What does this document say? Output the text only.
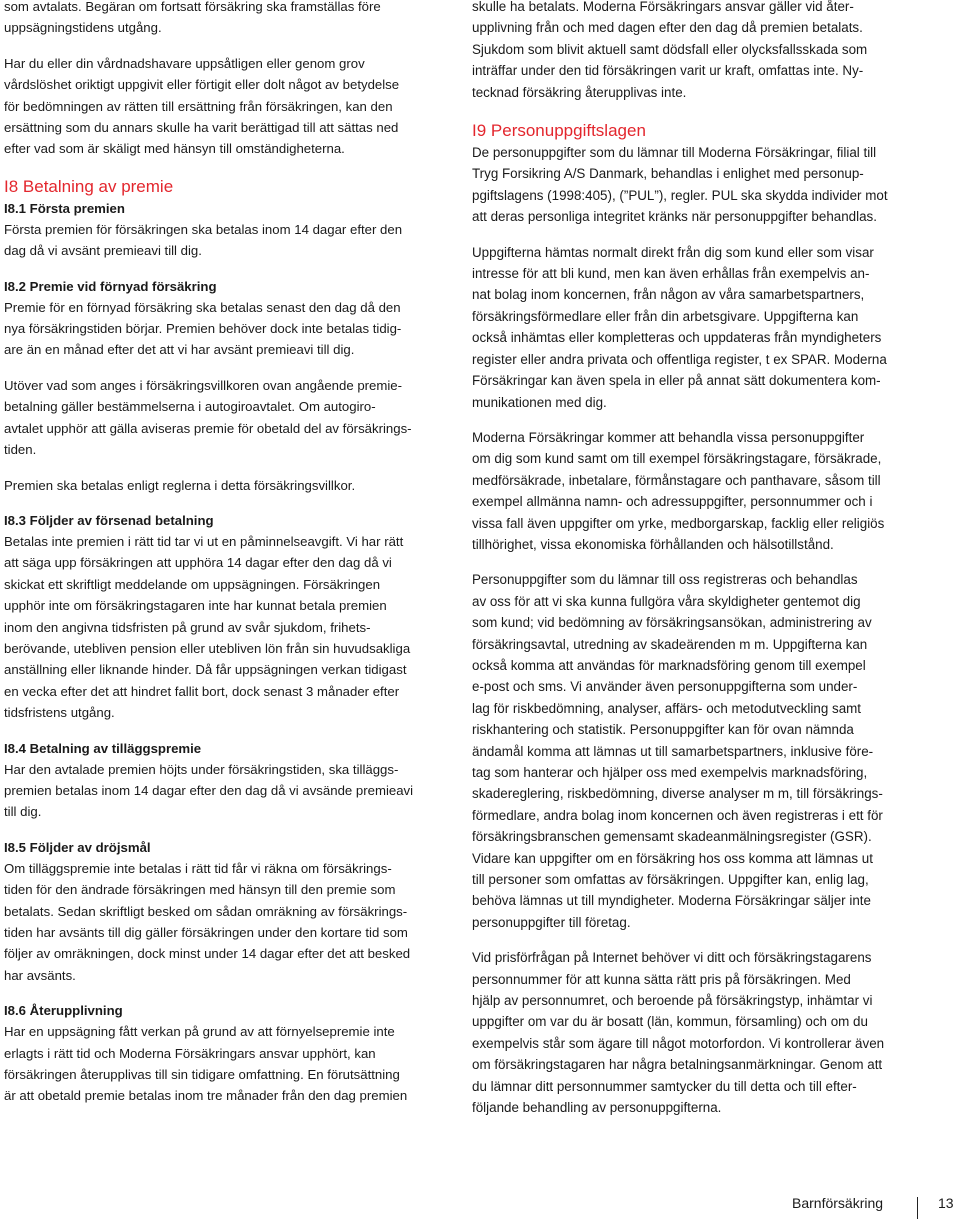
som avtalats. Begäran om fortsatt försäkring ska framställas före
uppsägningstidens utgång.

Har du eller din vårdnadshavare uppsåtligen eller genom grov
vårdslöshet oriktigt uppgivit eller förtigit eller dolt något av betydelse
för bedömningen av rätten till ersättning från försäkringen, kan den
ersättning som du annars skulle ha varit berättigad till att sättas ned
efter vad som är skäligt med hänsyn till omständigheterna.

I8 Betalning av premie

I8.1 Första premien

Första premien för försäkringen ska betalas inom 14 dagar efter den
dag då vi avsänt premieavi till dig.

I8.2 Premie vid förnyad försäkring

Premie för en förnyad försäkring ska betalas senast den dag då den
nya försäkringstiden börjar. Premien behöver dock inte betalas tidig-
are än en månad efter det att vi har avsänt premieavi till dig.

Utöver vad som anges i försäkringsvillkoren ovan angående premie-
betalning gäller bestämmelserna i autogiroavtalet. Om autogiro-
avtalet upphör att gälla aviseras premie för obetald del av försäkrings-
tiden.

Premien ska betalas enligt reglerna i detta försäkringsvillkor.

I8.3 Följder av försenad betalning

Betalas inte premien i rätt tid tar vi ut en påminnelseavgift. Vi har rätt
att säga upp försäkringen att upphöra 14 dagar efter den dag då vi
skickat ett skriftligt meddelande om uppsägningen. Försäkringen
upphör inte om försäkringstagaren inte har kunnat betala premien
inom den angivna tidsfristen på grund av svår sjukdom, frihets-
berövande, utebliven pension eller utebliven lön från sin huvudsakliga
anställning eller liknande hinder. Då får uppsägningen verkan tidigast
en vecka efter det att hindret fallit bort, dock senast 3 månader efter
tidsfristens utgång.

I8.4 Betalning av tilläggspremie

Har den avtalade premien höjts under försäkringstiden, ska tilläggs-
premien betalas inom 14 dagar efter den dag då vi avsände premieavi
till dig.

I8.5 Följder av dröjsmål

Om tilläggspremie inte betalas i rätt tid får vi räkna om försäkrings-
tiden för den ändrade försäkringen med hänsyn till den premie som
betalats. Sedan skriftligt besked om sådan omräkning av försäkrings-
tiden har avsänts till dig gäller försäkringen under den kortare tid som
följer av omräkningen, dock minst under 14 dagar efter det att besked
har avsänts.

I8.6 Återupplivning

Har en uppsägning fått verkan på grund av att förnyelsepremie inte
erlagts i rätt tid och Moderna Försäkringars ansvar upphört, kan
försäkringen återupplivas till sin tidigare omfattning. En förutsättning
är att obetald premie betalas inom tre månader från den dag premien

skulle ha betalats. Moderna Försäkringars ansvar gäller vid åter-
upplivning från och med dagen efter den dag då premien betalats.
Sjukdom som blivit aktuell samt dödsfall eller olycksfallsskada som
inträffar under den tid försäkringen varit ur kraft, omfattas inte. Ny-
tecknad försäkring återupplivas inte.

I9 Personuppgiftslagen

De personuppgifter som du lämnar till Moderna Försäkringar, filial till
Tryg Forsikring A/S Danmark, behandlas i enlighet med personup-
pgiftslagens (1998:405), (”PUL”), regler. PUL ska skydda individer mot
att deras personliga integritet kränks när personuppgifter behandlas.

Uppgifterna hämtas normalt direkt från dig som kund eller som visar
intresse för att bli kund, men kan även erhållas från exempelvis an-
nat bolag inom koncernen, från någon av våra samarbetspartners,
försäkringsförmedlare eller från din arbetsgivare. Uppgifterna kan
också inhämtas eller kompletteras och uppdateras från myndigheters
register eller andra privata och offentliga register, t ex SPAR. Moderna
Försäkringar kan även spela in eller på annat sätt dokumentera kom-
munikationen med dig.

Moderna Försäkringar kommer att behandla vissa personuppgifter
om dig som kund samt om till exempel försäkringstagare, försäkrade,
medförsäkrade, inbetalare, förmånstagare och panthavare, såsom till
exempel allmänna namn- och adressuppgifter, personnummer och i
vissa fall även uppgifter om yrke, medborgarskap, facklig eller religiös
tillhörighet, vissa ekonomiska förhållanden och hälsotillstånd.

Personuppgifter som du lämnar till oss registreras och behandlas
av oss för att vi ska kunna fullgöra våra skyldigheter gentemot dig
som kund; vid bedömning av försäkringsansökan, administrering av
försäkringsavtal, utredning av skadeärenden m m. Uppgifterna kan
också komma att användas för marknadsföring genom till exempel
e-post och sms. Vi använder även personuppgifterna som under-
lag för riskbedömning, analyser, affärs- och metodutveckling samt
riskhantering och statistik. Personuppgifter kan för ovan nämnda
ändamål komma att lämnas ut till samarbetspartners, inklusive före-
tag som hanterar och hjälper oss med exempelvis marknadsföring,
skadereglering, riskbedömning, diverse analyser m m, till försäkrings-
förmedlare, andra bolag inom koncernen och även registreras i ett för
försäkringsbranschen gemensamt skadeanmälningsregister (GSR).
Vidare kan uppgifter om en försäkring hos oss komma att lämnas ut
till personer som omfattas av försäkringen. Uppgifter kan, enlig lag,
behöva lämnas ut till myndigheter. Moderna Försäkringar säljer inte
personuppgifter till företag.

Vid prisförfrågan på Internet behöver vi ditt och försäkringstagarens
personnummer för att kunna sätta rätt pris på försäkringen. Med
hjälp av personnumret, och beroende på försäkringstyp, inhämtar vi
uppgifter om var du är bosatt (län, kommun, församling) och om du
exempelvis står som ägare till något motorfordon. Vi kontrollerar även
om försäkringstagaren har några betalningsanmärkningar. Genom att
du lämnar ditt personnummer samtycker du till detta och till efter-
följande behandling av personuppgifterna.

Barnförsäkring	13
